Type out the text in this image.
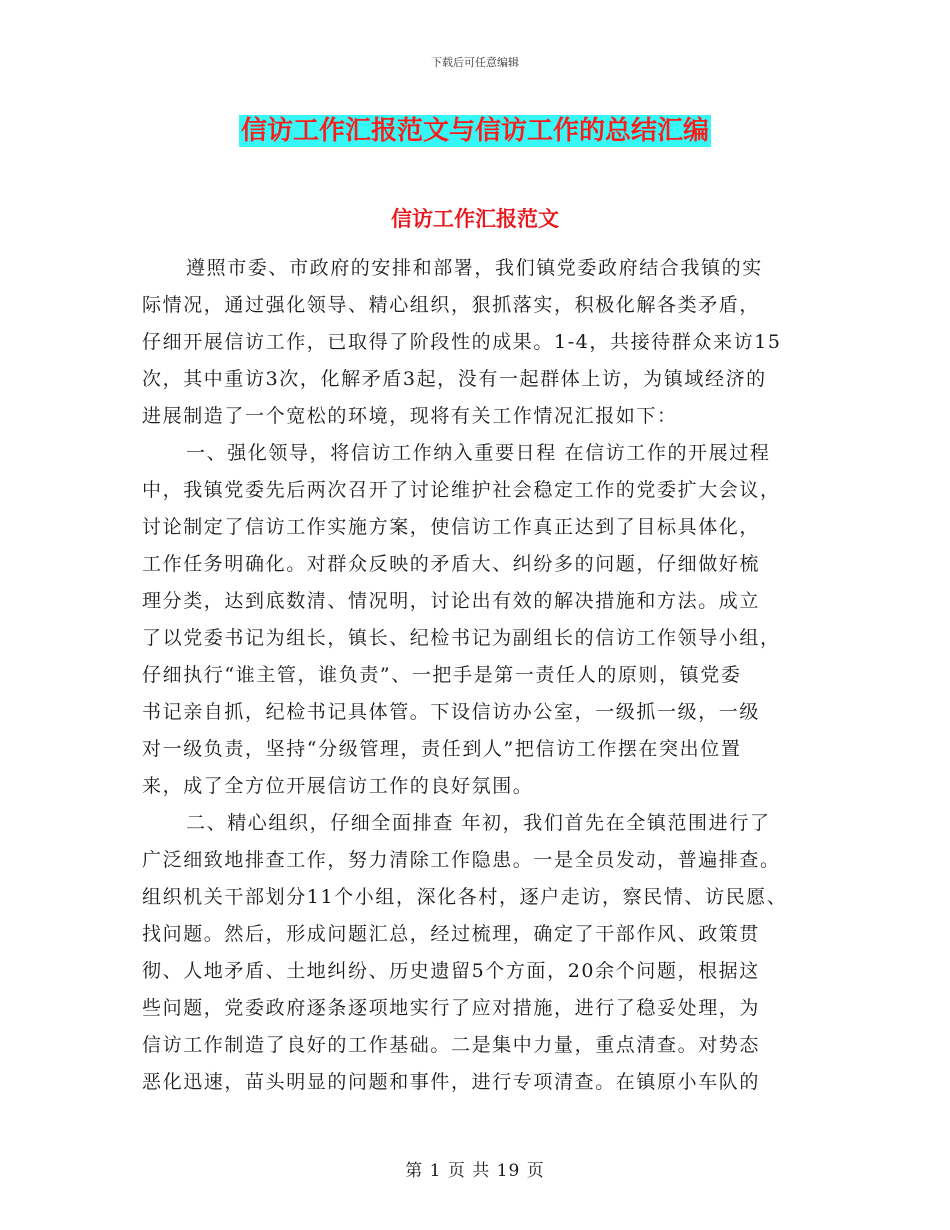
下载后可任意编辑
信访工作汇报范文与信访工作的总结汇编
信访工作汇报范文
遵照市委、市政府的安排和部署，我们镇党委政府结合我镇的实
际情况，通过强化领导、精心组织，狠抓落实，积极化解各类矛盾，
仔细开展信访工作，已取得了阶段性的成果。1-4，共接待群众来访15
次，其中重访3次，化解矛盾3起，没有一起群体上访，为镇域经济的
进展制造了一个宽松的环境，现将有关工作情况汇报如下：
一、强化领导，将信访工作纳入重要日程 在信访工作的开展过程
中，我镇党委先后两次召开了讨论维护社会稳定工作的党委扩大会议，
讨论制定了信访工作实施方案，使信访工作真正达到了目标具体化，
工作任务明确化。对群众反映的矛盾大、纠纷多的问题，仔细做好梳
理分类，达到底数清、情况明，讨论出有效的解决措施和方法。成立
了以党委书记为组长，镇长、纪检书记为副组长的信访工作领导小组，
仔细执行“谁主管，谁负责”、一把手是第一责任人的原则，镇党委
书记亲自抓，纪检书记具体管。下设信访办公室，一级抓一级，一级
对一级负责，坚持“分级管理，责任到人”把信访工作摆在突出位置
来，成了全方位开展信访工作的良好氛围。
二、精心组织，仔细全面排查 年初，我们首先在全镇范围进行了
广泛细致地排查工作，努力清除工作隐患。一是全员发动，普遍排查。
组织机关干部划分11个小组，深化各村，逐户走访，察民情、访民愿、
找问题。然后，形成问题汇总，经过梳理，确定了干部作风、政策贯
彻、人地矛盾、土地纠纷、历史遗留5个方面，20余个问题，根据这
些问题，党委政府逐条逐项地实行了应对措施，进行了稳妥处理，为
信访工作制造了良好的工作基础。二是集中力量，重点清查。对势态
恶化迅速，苗头明显的问题和事件，进行专项清查。在镇原小车队的
第 1 页 共 19 页
